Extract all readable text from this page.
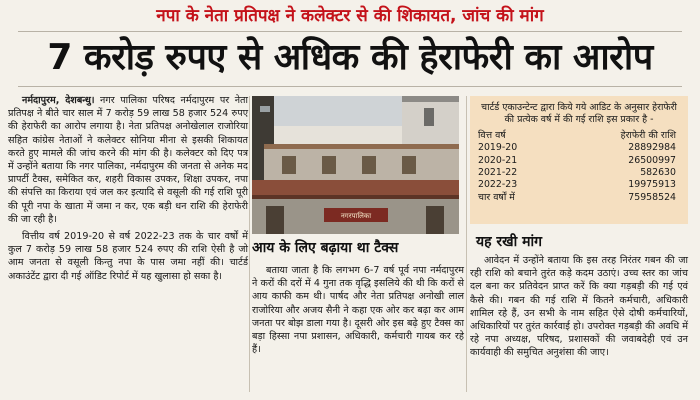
नपा के नेता प्रतिपक्ष ने कलेक्टर से की शिकायत, जांच की मांग
7 करोड़ रुपए से अधिक की हेराफेरी का आरोप

नर्मदापुरम, देशबन्धु। नगर पालिका परिषद नर्मदापुरम पर नेता प्रतिपक्ष ने बीते चार साल में 7 करोड़ 59 लाख 58 हजार 524 रुपए की हेराफेरी का आरोप लगाया है। नेता प्रतिपक्ष अनोखेलाल राजोरिया सहित कांग्रेस नेताओं ने कलेक्टर सोनिया मीना से इसकी शिकायत करते हुए मामले की जांच करने की मांग की है। कलेक्टर को दिए पत्र में उन्होंने बताया कि नगर पालिका, नर्मदापुरम की जनता से अनेक मद प्रापर्टी टैक्स, समेकित कर, शहरी विकास उपकर, शिक्षा उपकर, नपा की संपत्ति का किराया एवं जल कर इत्यादि से वसूली की गई राशि पूरी की पूरी नपा के खाता में जमा न कर, एक बड़ी धन राशि की हेराफेरी की जा रही है।

वित्तीय वर्ष 2019-20 से वर्ष 2022-23 तक के चार वर्षों में कुल 7 करोड़ 59 लाख 58 हजार 524 रुपए की राशि ऐसी है जो आम जनता से वसूली किन्तु नपा के पास जमा नहीं की। चार्टर्ड अकाउंटेंट द्वारा दी गई ऑडिट रिपोर्ट में यह खुलासा हो सका है।

नगरपालिका
आय के लिए बढ़ाया था टैक्स

बताया जाता है कि लगभग 6-7 वर्ष पूर्व नपा नर्मदापुरम ने करों की दरों में 4 गुना तक वृद्धि इसलिये की थी कि करों से आय काफी कम थी। पार्षद और नेता प्रतिपक्ष अनोखी लाल राजोरिया और अजय सैनी ने कहा एक ओर कर बढ़ा कर आम जनता पर बोझ डाला गया है। दूसरी ओर इस बढ़े हुए टैक्स का बड़ा हिस्सा नपा प्रशासन, अधिकारी, कर्मचारी गायब कर रहे हैं।

चार्टर्ड एकाउन्टेन्ट द्वारा किये गये आडिट के अनुसार हेराफेरी की प्रत्येक वर्ष में की गई राशि इस प्रकार है -
वित्त वर्ष	हेराफेरी की राशि
2019-20	28892984
2020-21	26500997
2021-22	582630
2022-23	19975913
चार वर्षों में	75958524
यह रखी मांग

आवेदन में उन्होंने बताया कि इस तरह निरंतर गबन की जा रही राशि को बचाने तुरंत कड़े कदम उठाएं। उच्च स्तर का जांच दल बना कर प्रतिवेदन प्राप्त करें कि क्या गड़बड़ी की गई एवं कैसे की। गबन की गई राशि में कितने कर्मचारी, अधिकारी शामिल रहे हैं, उन सभी के नाम सहित ऐसे दोषी कर्मचारियों, अधिकारियों पर तुरंत कार्रवाई हो। उपरोक्त गड़बड़ी की अवधि में रहे नपा अध्यक्ष, परिषद, प्रशासकों की जवाबदेही एवं उन कार्यवाही की समुचित अनुशंसा की जाए।
